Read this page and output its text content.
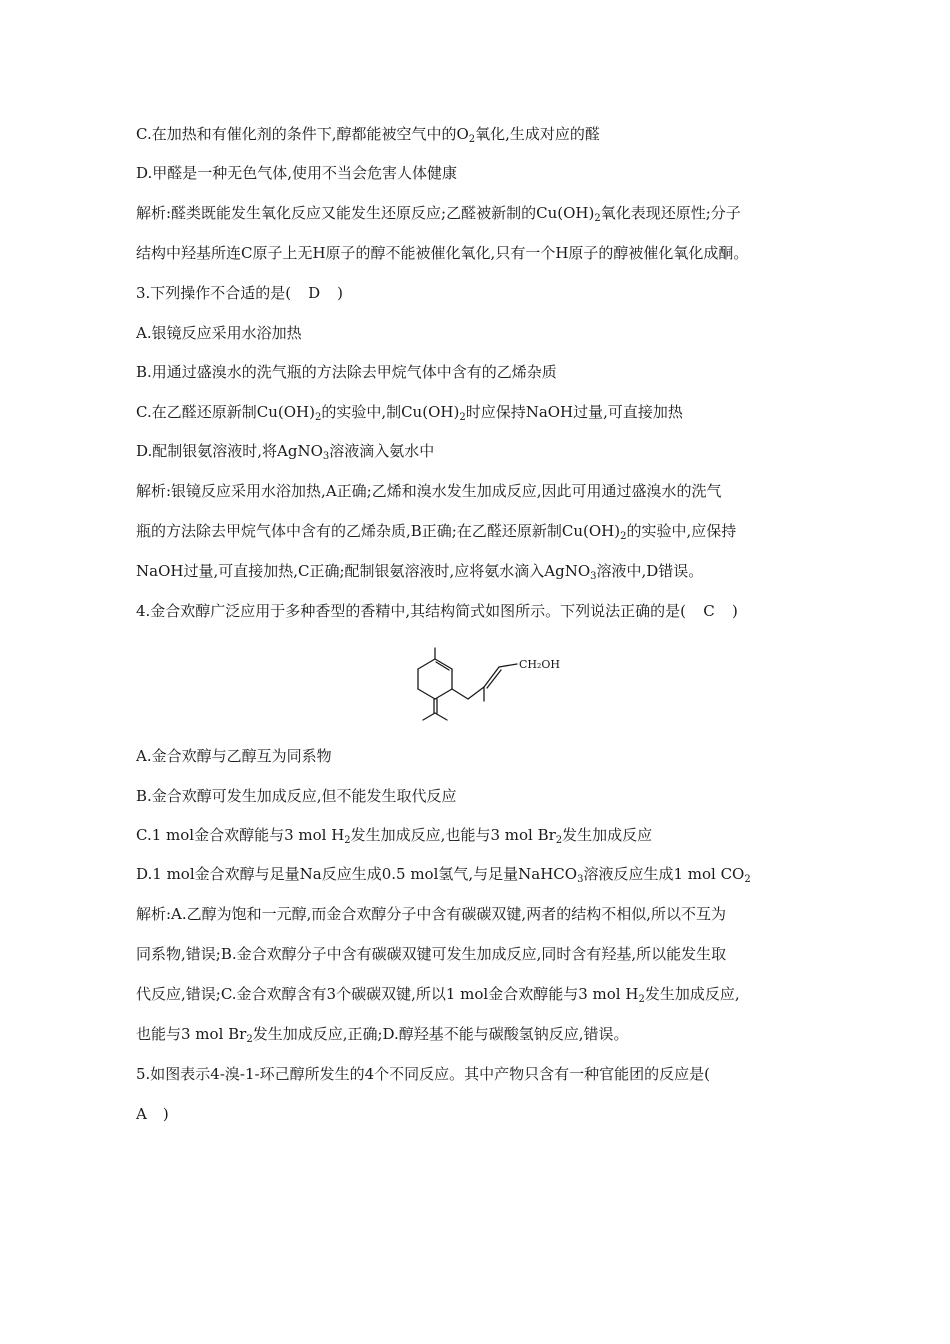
C.在加热和有催化剂的条件下,醇都能被空气中的$O_2$氧化,生成对应的醛
D.甲醛是一种无色气体,使用不当会危害人体健康
解析:醛类既能发生氧化反应又能发生还原反应;乙醛被新制的$Cu(OH)_2$氧化表现还原性;分子
结构中羟基所连C原子上无H原子的醇不能被催化氧化,只有一个H原子的醇被催化氧化成酮。
3.下列操作不合适的是( D )
A.银镜反应采用水浴加热
B.用通过盛溴水的洗气瓶的方法除去甲烷气体中含有的乙烯杂质
C.在乙醛还原新制$Cu(OH)_2$的实验中,制$Cu(OH)_2$时应保持NaOH过量,可直接加热
D.配制银氨溶液时,将AgNO$_3$溶液滴入氨水中
解析:银镜反应采用水浴加热,A正确;乙烯和溴水发生加成反应,因此可用通过盛溴水的洗气
瓶的方法除去甲烷气体中含有的乙烯杂质,B正确;在乙醛还原新制$Cu(OH)_2$的实验中,应保持
NaOH过量,可直接加热,C正确;配制银氨溶液时,应将氨水滴入AgNO$_3$溶液中,D错误。
4.金合欢醇广泛应用于多种香型的香精中,其结构简式如图所示。下列说法正确的是( C )
CH₂OH
A.金合欢醇与乙醇互为同系物
B.金合欢醇可发生加成反应,但不能发生取代反应
C.1 mol金合欢醇能与3 mol $H_2$发生加成反应,也能与3 mol $Br_2$发生加成反应
D.1 mol金合欢醇与足量Na反应生成0.5 mol氢气,与足量NaHCO$_3$溶液反应生成1 mol $CO_2$
解析:A.乙醇为饱和一元醇,而金合欢醇分子中含有碳碳双键,两者的结构不相似,所以不互为
同系物,错误;B.金合欢醇分子中含有碳碳双键可发生加成反应,同时含有羟基,所以能发生取
代反应,错误;C.金合欢醇含有3个碳碳双键,所以1 mol金合欢醇能与3 mol $H_2$发生加成反应,
也能与3 mol $Br_2$发生加成反应,正确;D.醇羟基不能与碳酸氢钠反应,错误。
5.如图表示4-溴-1-环己醇所发生的4个不同反应。其中产物只含有一种官能团的反应是(
A )
